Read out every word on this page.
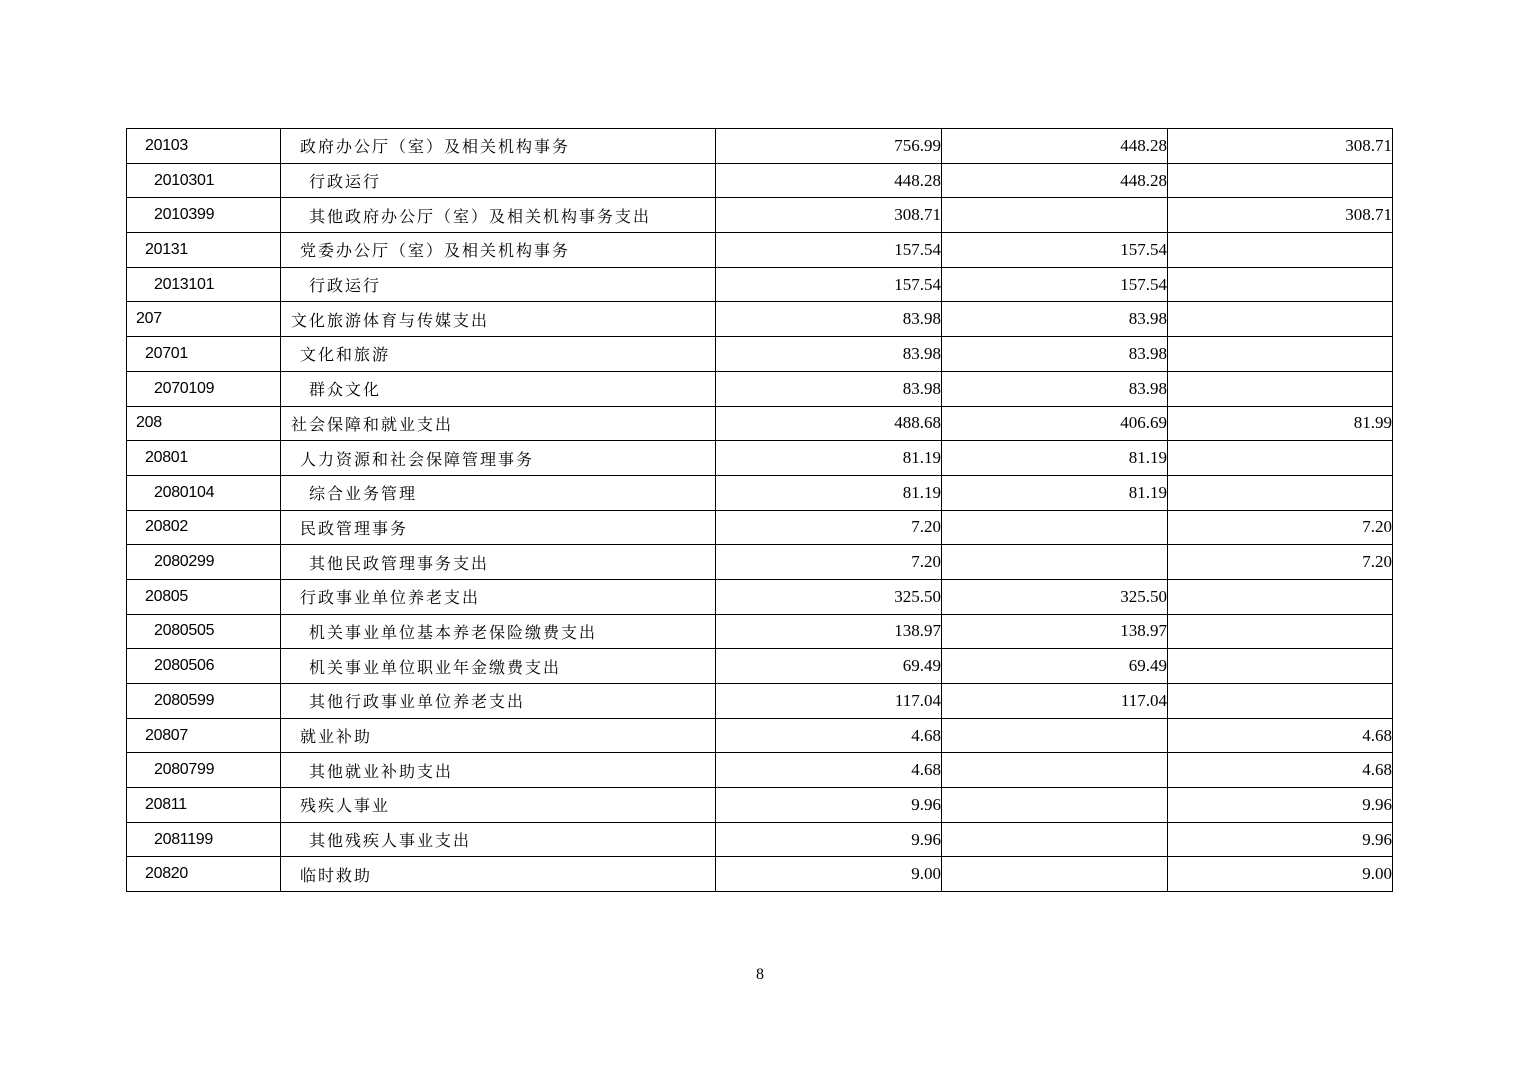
20103	政府办公厅（室）及相关机构事务	756.99	448.28	308.71
2010301	行政运行	448.28	448.28	
2010399	其他政府办公厅（室）及相关机构事务支出	308.71		308.71
20131	党委办公厅（室）及相关机构事务	157.54	157.54	
2013101	行政运行	157.54	157.54	
207	文化旅游体育与传媒支出	83.98	83.98	
20701	文化和旅游	83.98	83.98	
2070109	群众文化	83.98	83.98	
208	社会保障和就业支出	488.68	406.69	81.99
20801	人力资源和社会保障管理事务	81.19	81.19	
2080104	综合业务管理	81.19	81.19	
20802	民政管理事务	7.20		7.20
2080299	其他民政管理事务支出	7.20		7.20
20805	行政事业单位养老支出	325.50	325.50	
2080505	机关事业单位基本养老保险缴费支出	138.97	138.97	
2080506	机关事业单位职业年金缴费支出	69.49	69.49	
2080599	其他行政事业单位养老支出	117.04	117.04	
20807	就业补助	4.68		4.68
2080799	其他就业补助支出	4.68		4.68
20811	残疾人事业	9.96		9.96
2081199	其他残疾人事业支出	9.96		9.96
20820	临时救助	9.00		9.00
8
